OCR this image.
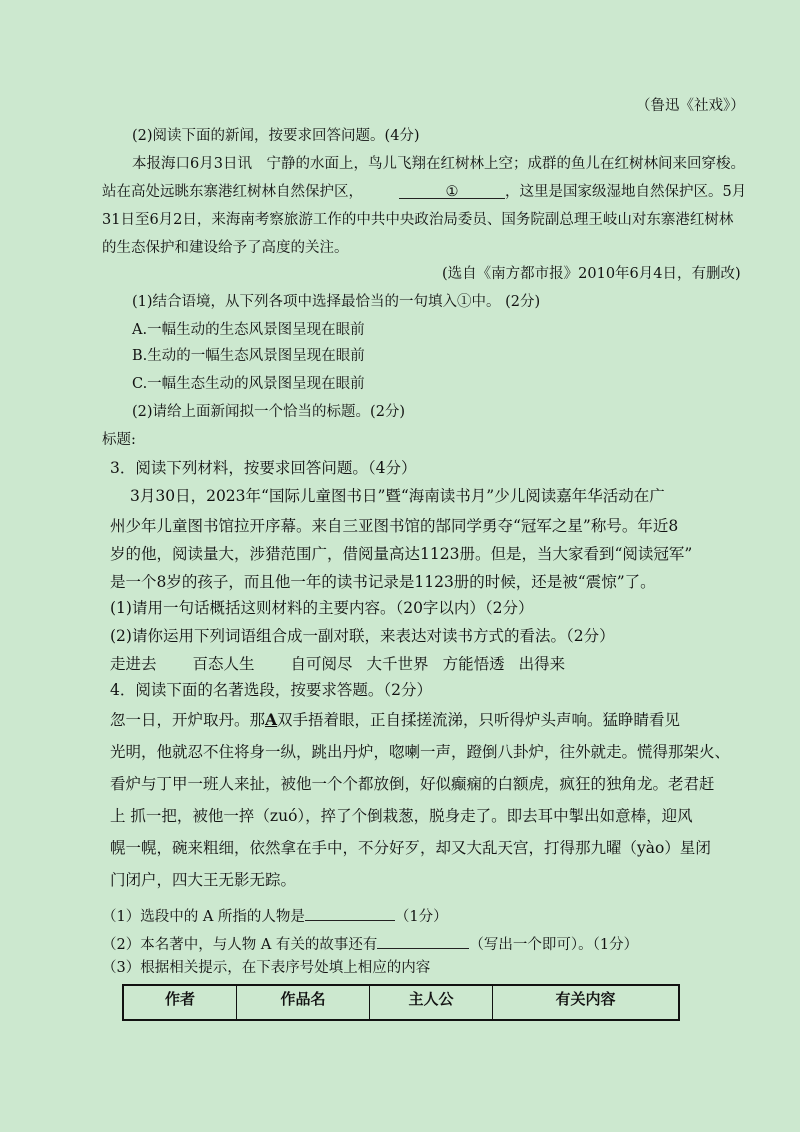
（鲁迅《社戏》）
(2)阅读下面的新闻，按要求回答问题。(4分)
本报海口6月3日讯　宁静的水面上，鸟儿飞翔在红树林上空；成群的鱼儿在红树林间来回穿梭。
站在高处远眺东寨港红树林自然保护区，	①	，这里是国家级湿地自然保护区。5月
31日至6月2日，来海南考察旅游工作的中共中央政治局委员、国务院副总理王岐山对东寨港红树林
的生态保护和建设给予了高度的关注。
(选自《南方都市报》2010年6月4日，有删改)
(1)结合语境，从下列各项中选择最恰当的一句填入①中。 (2分)
A.一幅生动的生态风景图呈现在眼前
B.生动的一幅生态风景图呈现在眼前
C.一幅生态生动的风景图呈现在眼前
(2)请给上面新闻拟一个恰当的标题。(2分)
标题:
3．阅读下列材料，按要求回答问题。（4分）
3月30日，2023年“国际儿童图书日”暨“海南读书月”少儿阅读嘉年华活动在广
州少年儿童图书馆拉开序幕。来自三亚图书馆的郜同学勇夺“冠军之星”称号。年近8
岁的他，阅读量大，涉猎范围广，借阅量高达1123册。但是，当大家看到“阅读冠军”
是一个8岁的孩子，而且他一年的读书记录是1123册的时候，还是被“震惊”了。
(1)请用一句话概括这则材料的主要内容。（20字以内）（2分）
(2)请你运用下列词语组合成一副对联，来表达对读书方式的看法。（2分）
走进去 百态人生 自可阅尽 大千世界 方能悟透 出得来
4．阅读下面的名著选段，按要求答题。（2分）
忽一日，开炉取丹。那A双手捂着眼，正自揉搓流涕，只听得炉头声响。猛睁睛看见
光明，他就忍不住将身一纵，跳出丹炉，唿喇一声，蹬倒八卦炉，往外就走。慌得那架火、
看炉与丁甲一班人来扯，被他一个个都放倒，好似癫痫的白额虎，疯狂的独角龙。老君赶
上 抓一把，被他一捽（zuó），捽了个倒栽葱，脱身走了。即去耳中掣出如意棒，迎风
幌一幌，碗来粗细，依然拿在手中，不分好歹，却又大乱天宫，打得那九曜（yào）星闭
门闭户，四大王无影无踪。
（1）选段中的 A 所指的人物是	（1分）
（2）本名著中，与人物 A 有关的故事还有	（写出一个即可）。（1分）
（3）根据相关提示，在下表序号处填上相应的内容
作者	作品名	主人公	有关内容
